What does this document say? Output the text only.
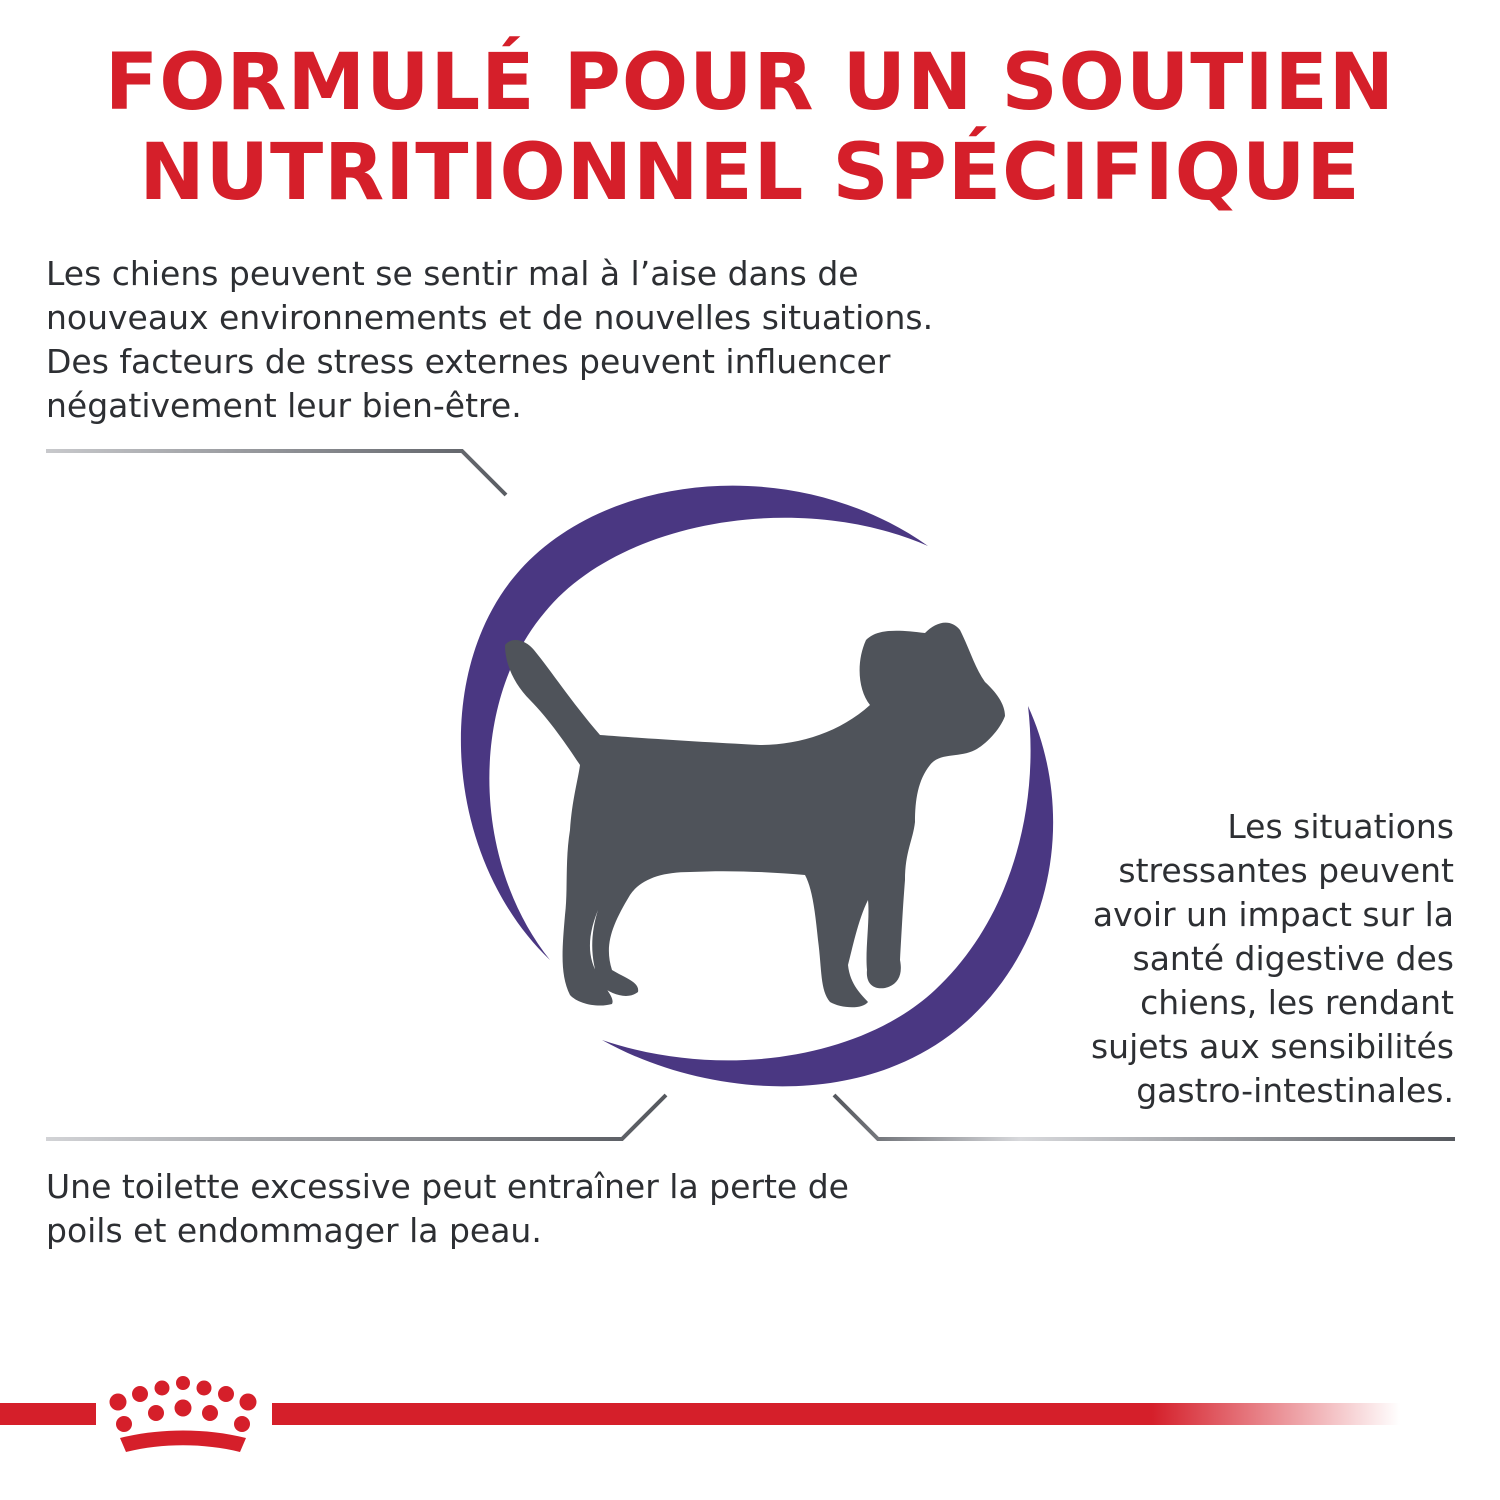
FORMULÉ POUR UN SOUTIEN
NUTRITIONNEL SPÉCIFIQUE

Les chiens peuvent se sentir mal à l’aise dans de nouveaux environnements et de nouvelles situations. Des facteurs de stress externes peuvent influencer négativement leur bien-être.

Les situations stressantes peuvent avoir un impact sur la santé digestive des chiens, les rendant sujets aux sensibilités gastro-intestinales.

Une toilette excessive peut entraîner la perte de poils et endommager la peau.
